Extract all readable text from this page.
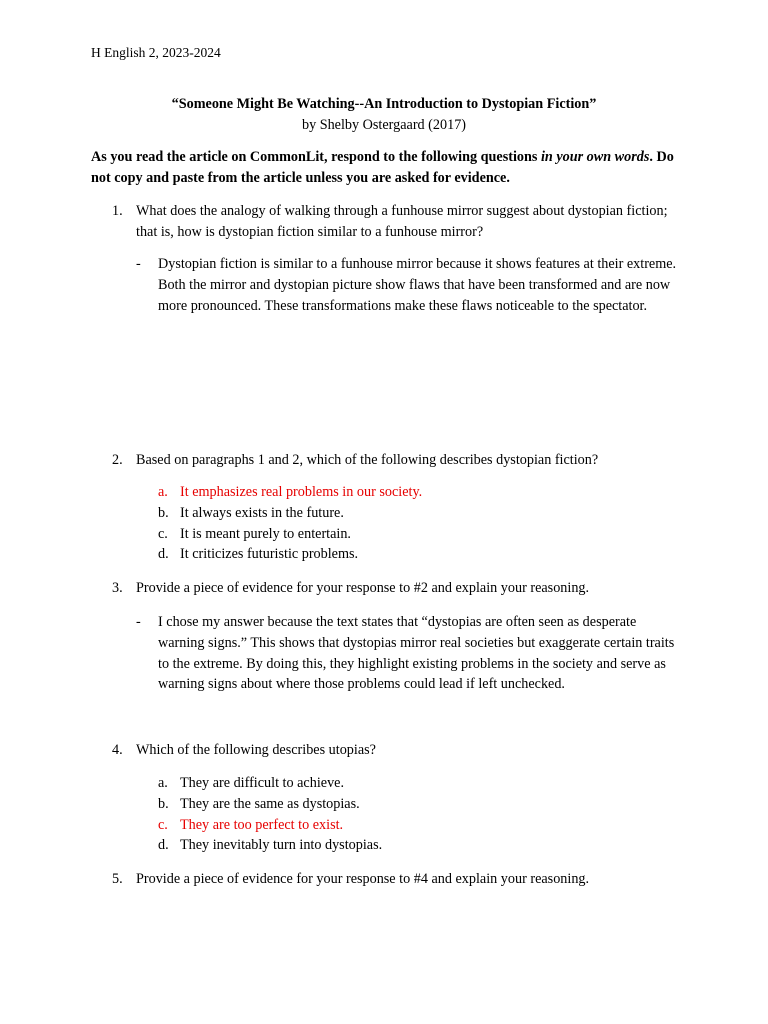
H English 2, 2023-2024
“Someone Might Be Watching--An Introduction to Dystopian Fiction”
by Shelby Ostergaard (2017)
As you read the article on CommonLit, respond to the following questions in your own words. Do not copy and paste from the article unless you are asked for evidence.
1. What does the analogy of walking through a funhouse mirror suggest about dystopian fiction; that is, how is dystopian fiction similar to a funhouse mirror?
- Dystopian fiction is similar to a funhouse mirror because it shows features at their extreme. Both the mirror and dystopian picture show flaws that have been transformed and are now more pronounced. These transformations make these flaws noticeable to the spectator.
2. Based on paragraphs 1 and 2, which of the following describes dystopian fiction?
a. It emphasizes real problems in our society.
b. It always exists in the future.
c. It is meant purely to entertain.
d. It criticizes futuristic problems.
3. Provide a piece of evidence for your response to #2 and explain your reasoning.
- I chose my answer because the text states that “dystopias are often seen as desperate warning signs.” This shows that dystopias mirror real societies but exaggerate certain traits to the extreme. By doing this, they highlight existing problems in the society and serve as warning signs about where those problems could lead if left unchecked.
4. Which of the following describes utopias?
a. They are difficult to achieve.
b. They are the same as dystopias.
c. They are too perfect to exist.
d. They inevitably turn into dystopias.
5. Provide a piece of evidence for your response to #4 and explain your reasoning.
